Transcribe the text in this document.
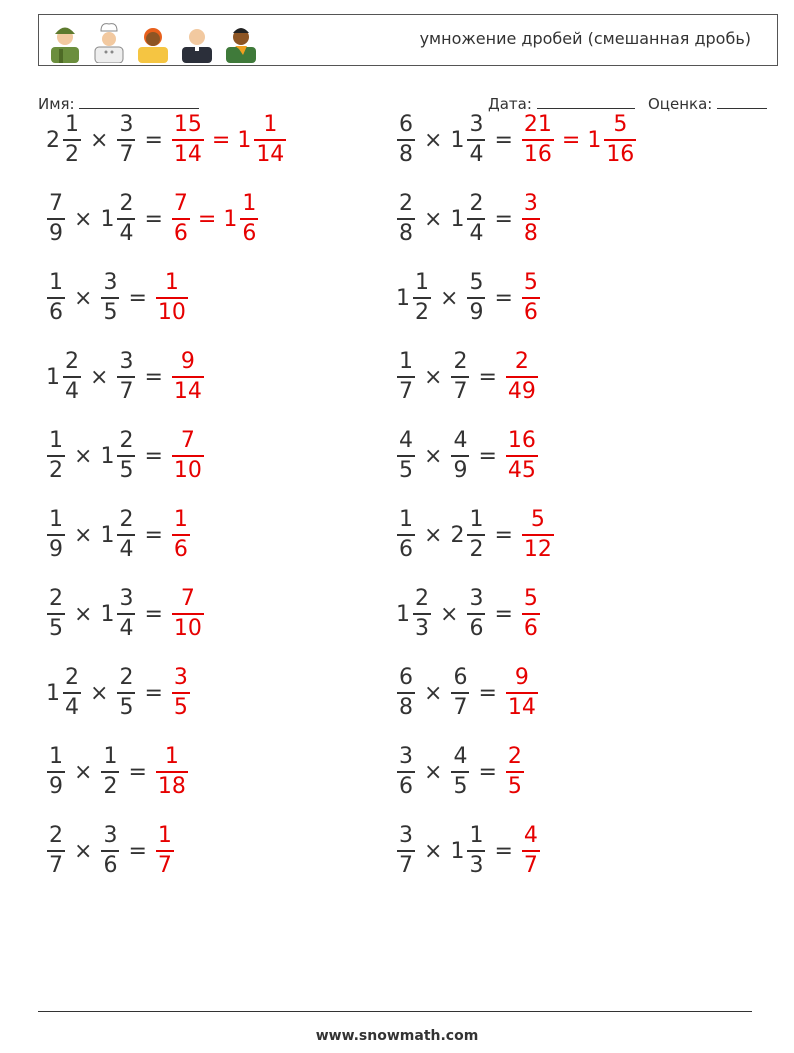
умножение дробей (смешанная дробь)
Имя:	Дата:	Оценка:
$2 \frac{1}{2} \times \frac{3}{7} = \frac{15}{14} = 1 \frac{1}{14}$	$\frac{6}{8} \times 1 \frac{3}{4} = \frac{21}{16} = 1 \frac{5}{16}$
$\frac{7}{9} \times 1 \frac{2}{4} = \frac{7}{6} = 1 \frac{1}{6}$	$\frac{2}{8} \times 1 \frac{2}{4} = \frac{3}{8}$
$\frac{1}{6} \times \frac{3}{5} = \frac{1}{10}$	$1 \frac{1}{2} \times \frac{5}{9} = \frac{5}{6}$
$1 \frac{2}{4} \times \frac{3}{7} = \frac{9}{14}$	$\frac{1}{7} \times \frac{2}{7} = \frac{2}{49}$
$\frac{1}{2} \times 1 \frac{2}{5} = \frac{7}{10}$	$\frac{4}{5} \times \frac{4}{9} = \frac{16}{45}$
$\frac{1}{9} \times 1 \frac{2}{4} = \frac{1}{6}$	$\frac{1}{6} \times 2 \frac{1}{2} = \frac{5}{12}$
$\frac{2}{5} \times 1 \frac{3}{4} = \frac{7}{10}$	$1 \frac{2}{3} \times \frac{3}{6} = \frac{5}{6}$
$1 \frac{2}{4} \times \frac{2}{5} = \frac{3}{5}$	$\frac{6}{8} \times \frac{6}{7} = \frac{9}{14}$
$\frac{1}{9} \times \frac{1}{2} = \frac{1}{18}$	$\frac{3}{6} \times \frac{4}{5} = \frac{2}{5}$
$\frac{2}{7} \times \frac{3}{6} = \frac{1}{7}$	$\frac{3}{7} \times 1 \frac{1}{3} = \frac{4}{7}$
www.snowmath.com
